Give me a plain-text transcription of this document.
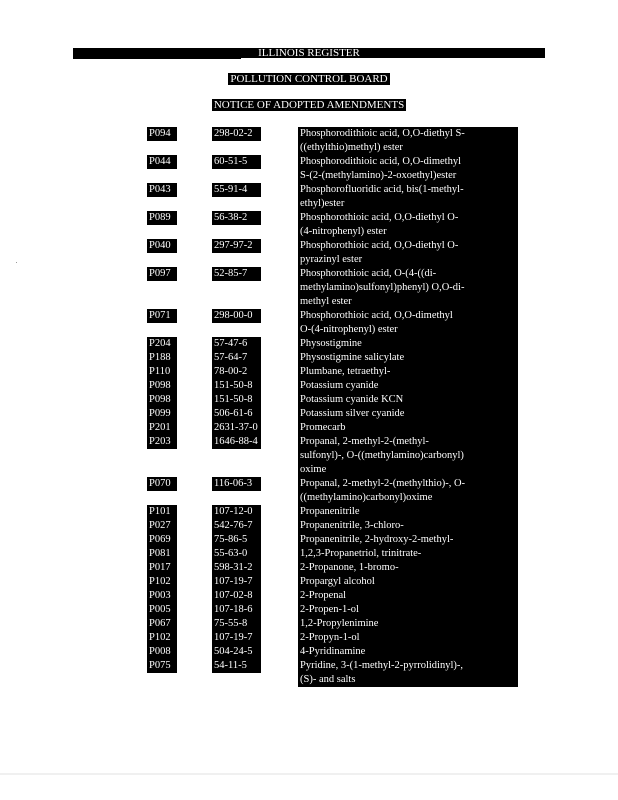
ILLINOIS REGISTER
POLLUTION CONTROL BOARD
NOTICE OF ADOPTED AMENDMENTS
P094	298-02-2	Phosphorodithioic acid, O,O-diethyl S-
((ethylthio)methyl) ester
P044	60-51-5	Phosphorodithioic acid, O,O-dimethyl
S-(2-(methylamino)-2-oxoethyl)ester
P043	55-91-4	Phosphorofluoridic acid, bis(1-methyl-
ethyl)ester
P089	56-38-2	Phosphorothioic acid, O,O-diethyl O-
(4-nitrophenyl) ester
P040	297-97-2	Phosphorothioic acid, O,O-diethyl O-
pyrazinyl ester
P097	52-85-7	Phosphorothioic acid, O-(4-((di-
methylamino)sulfonyl)phenyl) O,O-di-
methyl ester
P071	298-00-0	Phosphorothioic acid, O,O-dimethyl
O-(4-nitrophenyl) ester
P204	57-47-6	Physostigmine
P188	57-64-7	Physostigmine salicylate
P110	78-00-2	Plumbane, tetraethyl-
P098	151-50-8	Potassium cyanide
P098	151-50-8	Potassium cyanide KCN
P099	506-61-6	Potassium silver cyanide
P201	2631-37-0	Promecarb
P203	1646-88-4	Propanal, 2-methyl-2-(methyl-
sulfonyl)-, O-((methylamino)carbonyl)
oxime
P070	116-06-3	Propanal, 2-methyl-2-(methylthio)-, O-
((methylamino)carbonyl)oxime
P101	107-12-0	Propanenitrile
P027	542-76-7	Propanenitrile, 3-chloro-
P069	75-86-5	Propanenitrile, 2-hydroxy-2-methyl-
P081	55-63-0	1,2,3-Propanetriol, trinitrate-	(R)
P017	598-31-2	2-Propanone, 1-bromo-
P102	107-19-7	Propargyl alcohol
P003	107-02-8	2-Propenal
P005	107-18-6	2-Propen-1-ol
P067	75-55-8	1,2-Propylenimine
P102	107-19-7	2-Propyn-1-ol
P008	504-24-5	4-Pyridinamine
P075	54-11-5	Pyridine, 3-(1-methyl-2-pyrrolidinyl)-,
(S)- and salts
